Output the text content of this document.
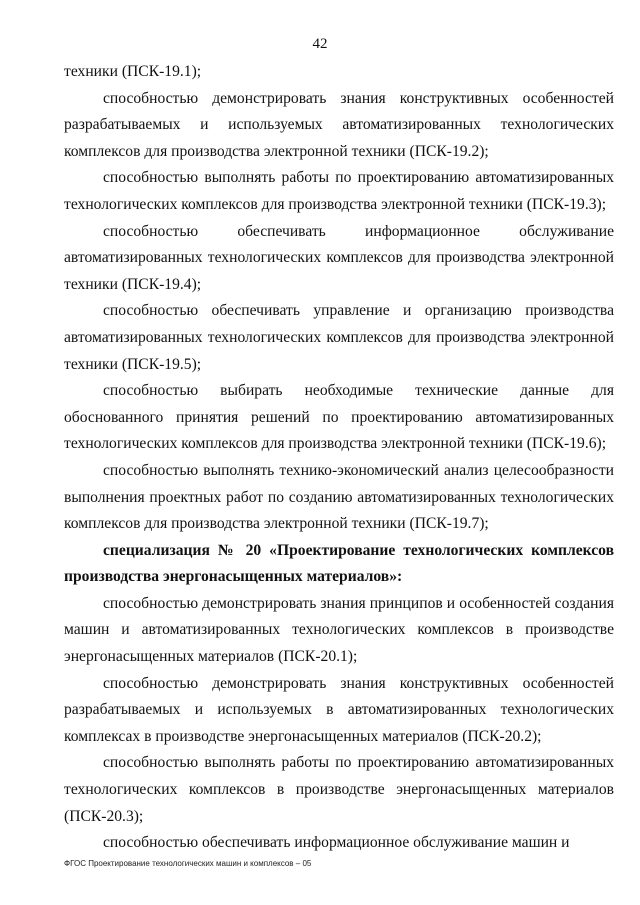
42

техники (ПСК-19.1);

способностью демонстрировать знания конструктивных особенностей разрабатываемых и используемых автоматизированных технологических комплексов для производства электронной техники (ПСК-19.2);

способностью выполнять работы по проектированию автоматизированных технологических комплексов для производства электронной техники (ПСК-19.3);

способностью обеспечивать информационное обслуживание автоматизированных технологических комплексов для производства электронной техники (ПСК-19.4);

способностью обеспечивать управление и организацию производства автоматизированных технологических комплексов для производства электронной техники (ПСК-19.5);

способностью выбирать необходимые технические данные для обоснованного принятия решений по проектированию автоматизированных технологических комплексов для производства электронной техники (ПСК-19.6);

способностью выполнять технико-экономический анализ целесообразности выполнения проектных работ по созданию автоматизированных технологических комплексов для производства электронной техники (ПСК-19.7);

специализация № 20 «Проектирование технологических комплексов производства энергонасыщенных материалов»:

способностью демонстрировать знания принципов и особенностей создания машин и автоматизированных технологических комплексов в производстве энергонасыщенных материалов (ПСК-20.1);

способностью демонстрировать знания конструктивных особенностей разрабатываемых и используемых в автоматизированных технологических комплексах в производстве энергонасыщенных материалов (ПСК-20.2);

способностью выполнять работы по проектированию автоматизированных технологических комплексов в производстве энергонасыщенных материалов (ПСК-20.3);

способностью обеспечивать информационное обслуживание машин и

ФГОС Проектирование технологических машин и комплексов – 05
